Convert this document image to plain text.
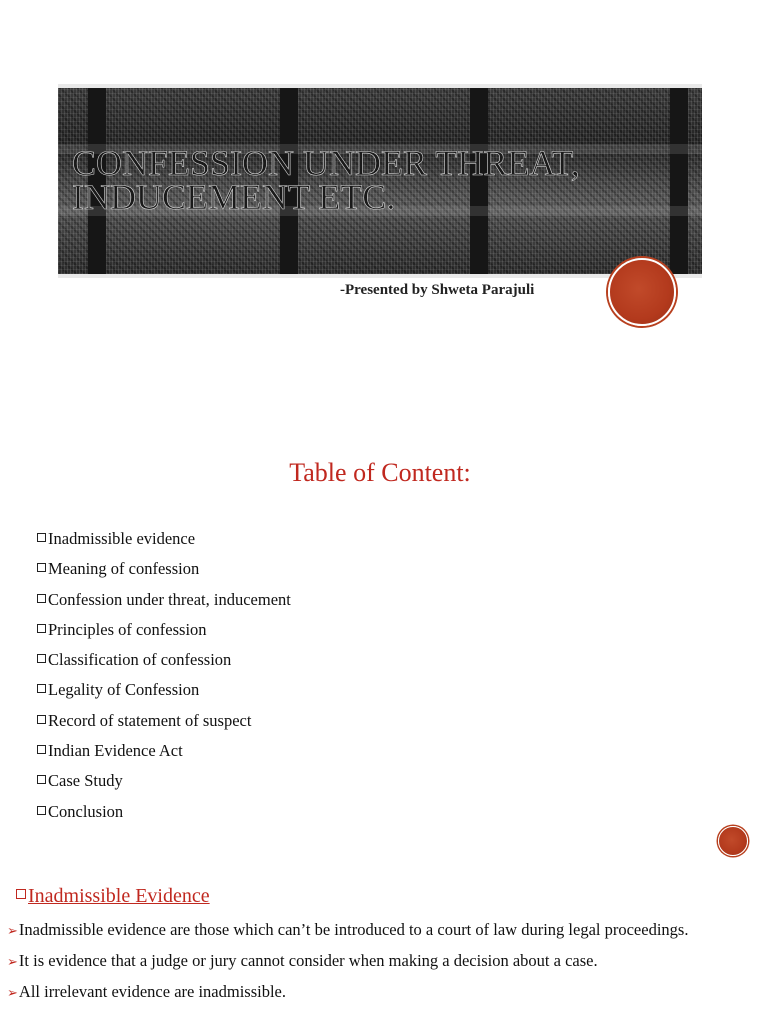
CONFESSION UNDER THREAT,
INDUCEMENT ETC.
-Presented by Shweta Parajuli
Table of Content:
Inadmissible evidence
Meaning of confession
Confession under threat, inducement
Principles of confession
Classification of confession
Legality of Confession
Record of statement of suspect
Indian Evidence Act
Case Study
Conclusion
Inadmissible Evidence
➢Inadmissible evidence are those which can’t be introduced to a court of law during legal proceedings.
➢It is evidence that a judge or jury cannot consider when making a decision about a case.
➢All irrelevant evidence are inadmissible.
